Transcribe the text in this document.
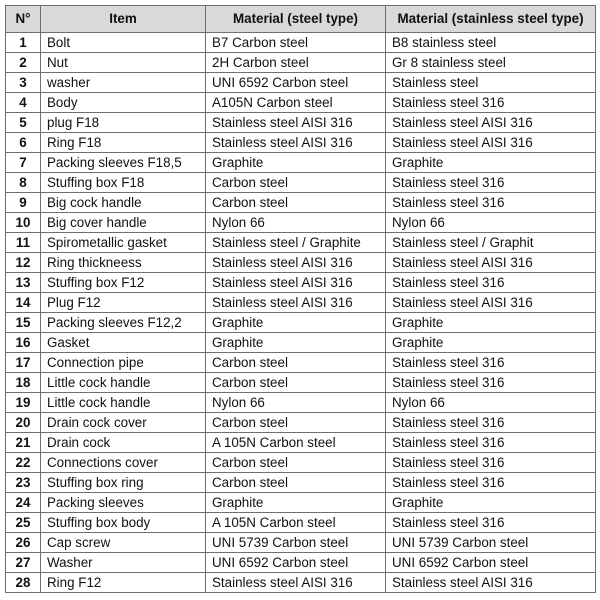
N°	Item	Material (steel type)	Material (stainless steel type)
1	Bolt	B7 Carbon steel	B8 stainless steel
2	Nut	2H Carbon steel	Gr 8 stainless steel
3	washer	UNI 6592 Carbon steel	Stainless steel
4	Body	A105N Carbon steel	Stainless steel 316
5	plug F18	Stainless steel AISI 316	Stainless steel AISI 316
6	Ring F18	Stainless steel AISI 316	Stainless steel AISI 316
7	Packing sleeves F18,5	Graphite	Graphite
8	Stuffing box F18	Carbon steel	Stainless steel 316
9	Big cock handle	Carbon steel	Stainless steel 316
10	Big cover handle	Nylon 66	Nylon 66
11	Spirometallic gasket	Stainless steel / Graphite	Stainless steel / Graphit
12	Ring thickneess	Stainless steel AISI 316	Stainless steel AISI 316
13	Stuffing box F12	Stainless steel AISI 316	Stainless steel 316
14	Plug F12	Stainless steel AISI 316	Stainless steel AISI 316
15	Packing sleeves F12,2	Graphite	Graphite
16	Gasket	Graphite	Graphite
17	Connection pipe	Carbon steel	Stainless steel 316
18	Little cock handle	Carbon steel	Stainless steel 316
19	Little cock handle	Nylon 66	Nylon 66
20	Drain cock cover	Carbon steel	Stainless steel 316
21	Drain cock	A 105N Carbon steel	Stainless steel 316
22	Connections cover	Carbon steel	Stainless steel 316
23	Stuffing box ring	Carbon steel	Stainless steel 316
24	Packing sleeves	Graphite	Graphite
25	Stuffing box body	A 105N Carbon steel	Stainless steel 316
26	Cap screw	UNI 5739 Carbon steel	UNI 5739 Carbon steel
27	Washer	UNI 6592 Carbon steel	UNI 6592 Carbon steel
28	Ring F12	Stainless steel AISI 316	Stainless steel AISI 316
